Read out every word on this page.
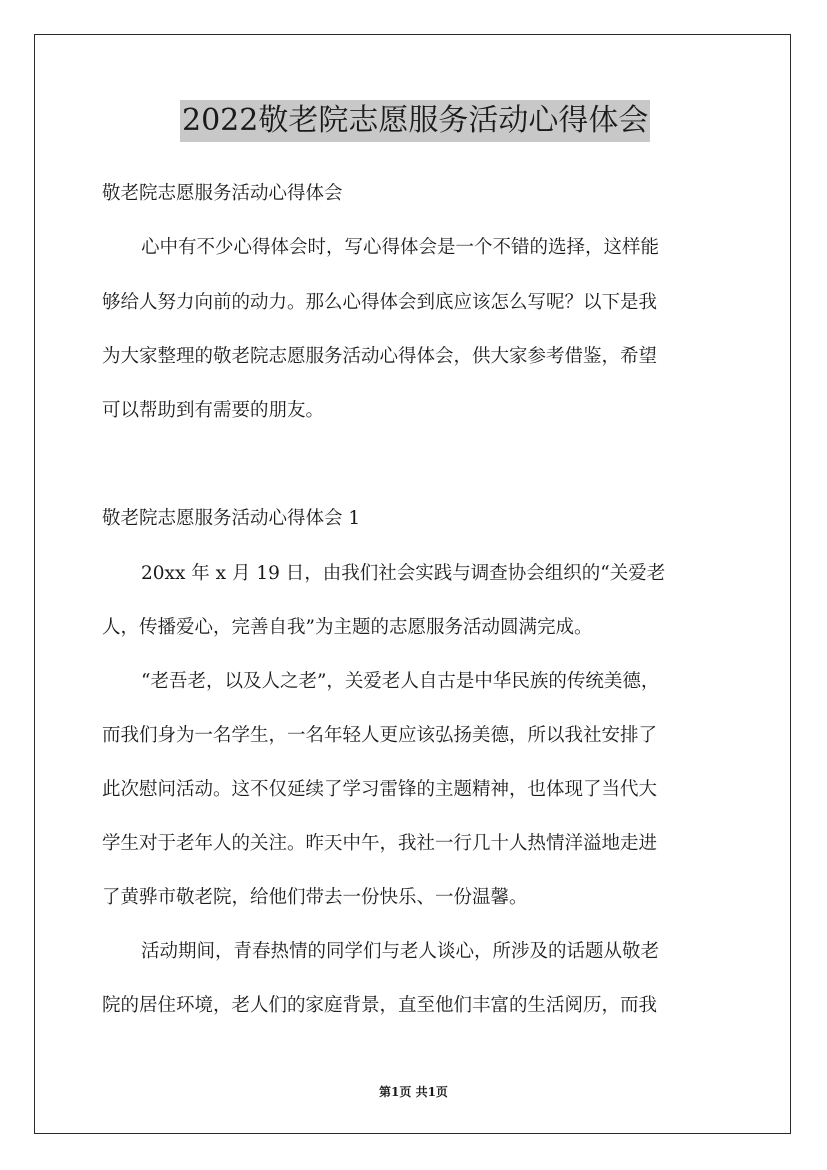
2022敬老院志愿服务活动心得体会
敬老院志愿服务活动心得体会
心中有不少心得体会时，写心得体会是一个不错的选择，这样能
够给人努力向前的动力。那么心得体会到底应该怎么写呢？以下是我
为大家整理的敬老院志愿服务活动心得体会，供大家参考借鉴，希望
可以帮助到有需要的朋友。
敬老院志愿服务活动心得体会 1
20xx 年 x 月 19 日，由我们社会实践与调查协会组织的“关爱老
人，传播爱心，完善自我”为主题的志愿服务活动圆满完成。
“老吾老，以及人之老”，关爱老人自古是中华民族的传统美德，
而我们身为一名学生，一名年轻人更应该弘扬美德，所以我社安排了
此次慰问活动。这不仅延续了学习雷锋的主题精神，也体现了当代大
学生对于老年人的关注。昨天中午，我社一行几十人热情洋溢地走进
了黄骅市敬老院，给他们带去一份快乐、一份温馨。
活动期间，青春热情的同学们与老人谈心，所涉及的话题从敬老
院的居住环境，老人们的家庭背景，直至他们丰富的生活阅历，而我
第1页 共1页
